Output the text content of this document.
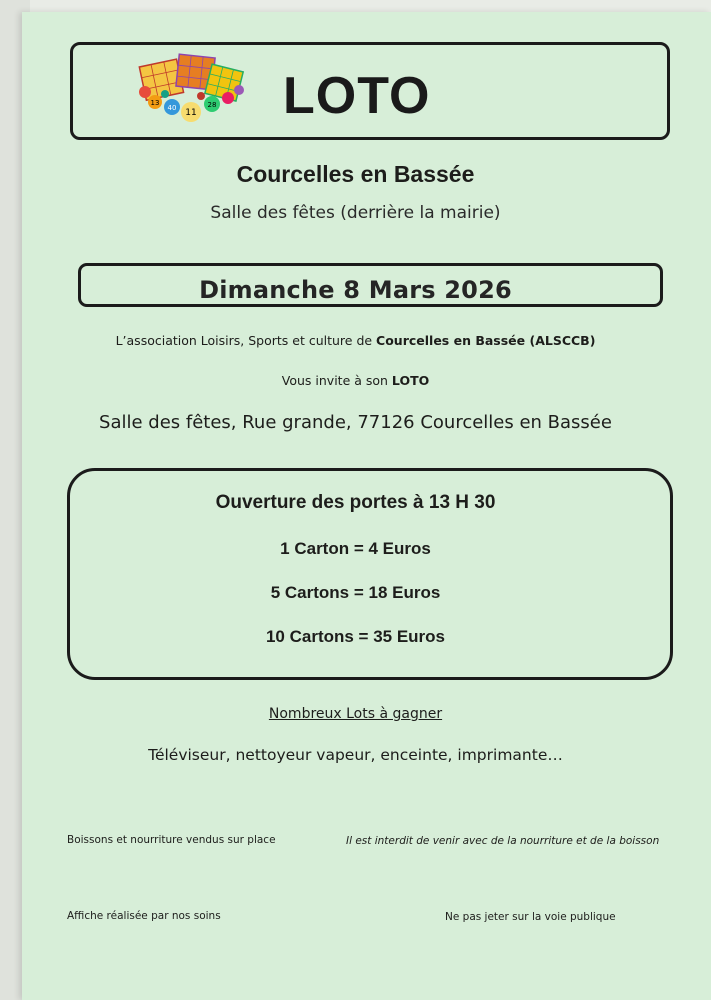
13
40 11
28 LOTO
Courcelles en Bassée
Salle des fêtes (derrière la mairie)
Dimanche 8 Mars 2026
L’association Loisirs, Sports et culture de Courcelles en Bassée (ALSCCB)
Vous invite à son LOTO
Salle des fêtes, Rue grande, 77126 Courcelles en Bassée
Ouverture des portes à 13 H 30
1 Carton = 4 Euros
5 Cartons = 18 Euros
10 Cartons = 35 Euros
Nombreux Lots à gagner
Téléviseur, nettoyeur vapeur, enceinte, imprimante…
Boissons et nourriture vendus sur place	Il est interdit de venir avec de la nourriture et de la boisson
Affiche réalisée par nos soins	Ne pas jeter sur la voie publique
